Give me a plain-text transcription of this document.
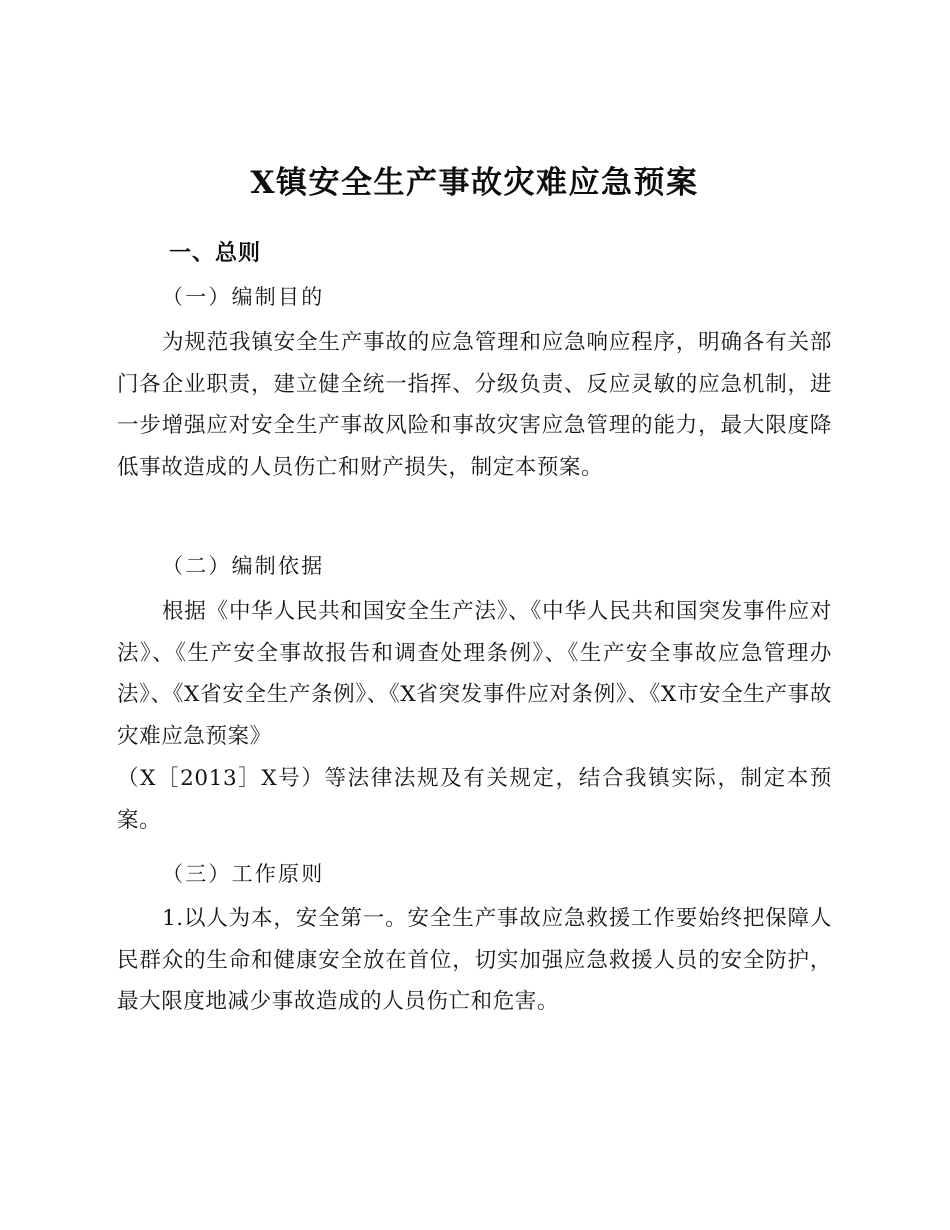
X镇安全生产事故灾难应急预案
一、总则
（一）编制目的

为规范我镇安全生产事故的应急管理和应急响应程序，明确各有关部门各企业职责，建立健全统一指挥、分级负责、反应灵敏的应急机制，进一步增强应对安全生产事故风险和事故灾害应急管理的能力，最大限度降低事故造成的人员伤亡和财产损失，制定本预案。

（二）编制依据

根据《中华人民共和国安全生产法》、《中华人民共和国突发事件应对法》、《生产安全事故报告和调查处理条例》、《生产安全事故应急管理办法》、《X省安全生产条例》、《X省突发事件应对条例》、《X市安全生产事故灾难应急预案》

（X［2013］X号）等法律法规及有关规定，结合我镇实际，制定本预案。

（三）工作原则

1.以人为本，安全第一。安全生产事故应急救援工作要始终把保障人民群众的生命和健康安全放在首位，切实加强应急救援人员的安全防护，最大限度地减少事故造成的人员伤亡和危害。
